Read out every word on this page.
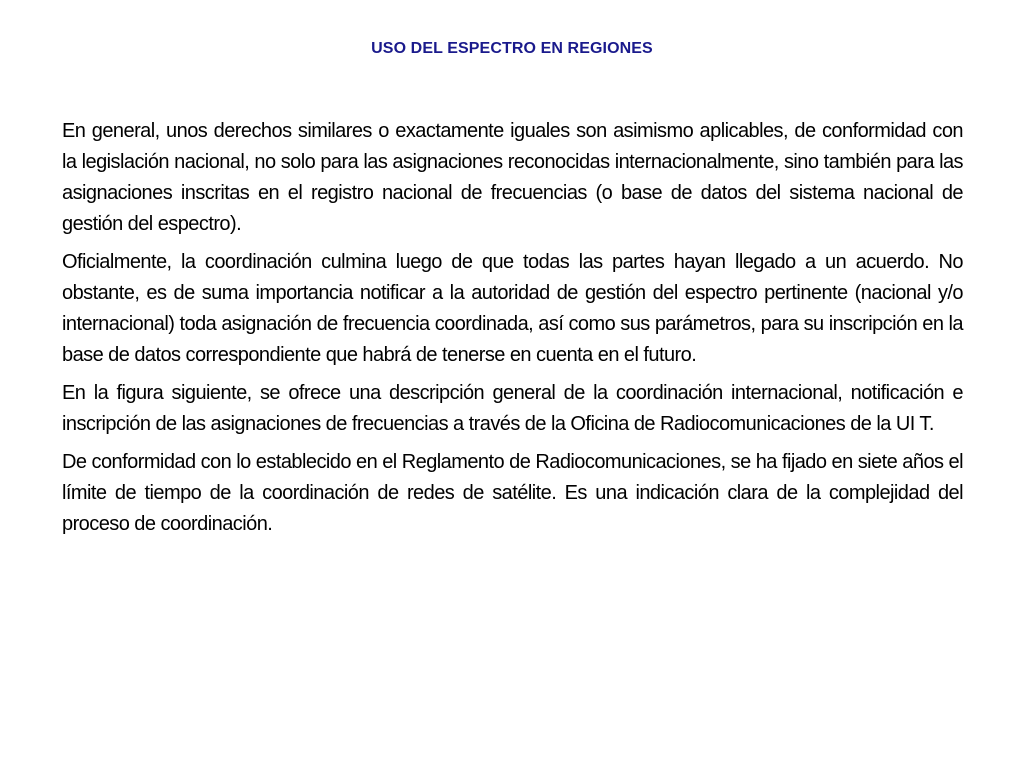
USO DEL ESPECTRO EN REGIONES

En general, unos derechos similares o exactamente iguales son asimismo aplicables, de conformidad con la legislación nacional, no solo para las asignaciones reconocidas internacionalmente, sino también para las asignaciones inscritas en el registro nacional de frecuencias (o base de datos del sistema nacional de gestión del espectro).

Oficialmente, la coordinación culmina luego de que todas las partes hayan llegado a un acuerdo. No obstante, es de suma importancia notificar a la autoridad de gestión del espectro pertinente (nacional y/o internacional) toda asignación de frecuencia coordinada, así como sus parámetros, para su inscripción en la base de datos correspondiente que habrá de tenerse en cuenta en el futuro.

En la figura siguiente, se ofrece una descripción general de la coordinación internacional, notificación e inscripción de las asignaciones de frecuencias a través de la Oficina de Radiocomunicaciones de la UI T.

De conformidad con lo establecido en el Reglamento de Radiocomunicaciones, se ha fijado en siete años el límite de tiempo de la coordinación de redes de satélite. Es una indicación clara de la complejidad del proceso de coordinación.
